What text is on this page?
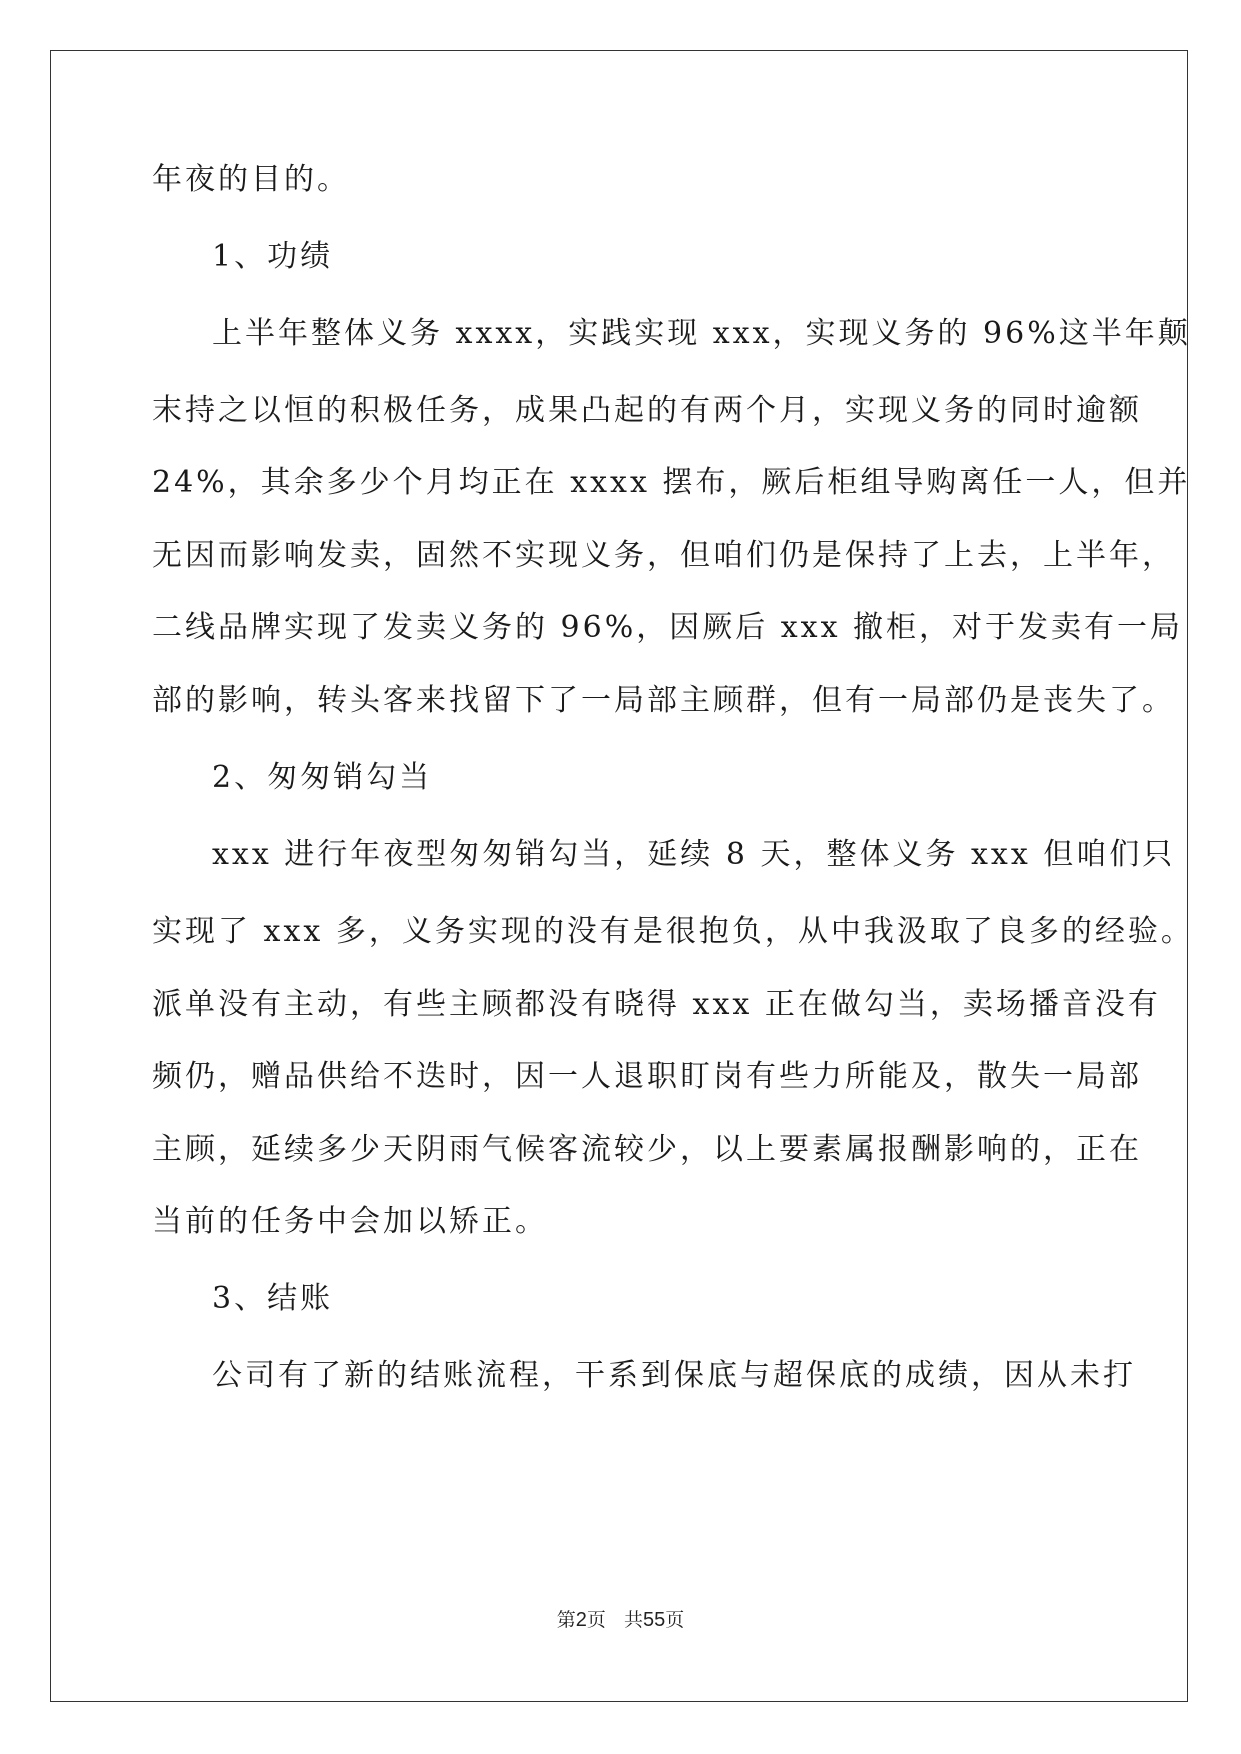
年夜的目的。
1、功绩
上半年整体义务 xxxx，实践实现 xxx，实现义务的 96%这半年颠
末持之以恒的积极任务，成果凸起的有两个月，实现义务的同时逾额
24%，其余多少个月均正在 xxxx 摆布，厥后柜组导购离任一人，但并
无因而影响发卖，固然不实现义务，但咱们仍是保持了上去，上半年，
二线品牌实现了发卖义务的 96%，因厥后 xxx 撤柜，对于发卖有一局
部的影响，转头客来找留下了一局部主顾群，但有一局部仍是丧失了。
2、匆匆销勾当
xxx 进行年夜型匆匆销勾当，延续 8 天，整体义务 xxx 但咱们只
实现了 xxx 多，义务实现的没有是很抱负，从中我汲取了良多的经验。
派单没有主动，有些主顾都没有晓得 xxx 正在做勾当，卖场播音没有
频仍，赠品供给不迭时，因一人退职盯岗有些力所能及，散失一局部
主顾，延续多少天阴雨气候客流较少，以上要素属报酬影响的，正在
当前的任务中会加以矫正。
3、结账
公司有了新的结账流程，干系到保底与超保底的成绩，因从未打
第2页 共55页
